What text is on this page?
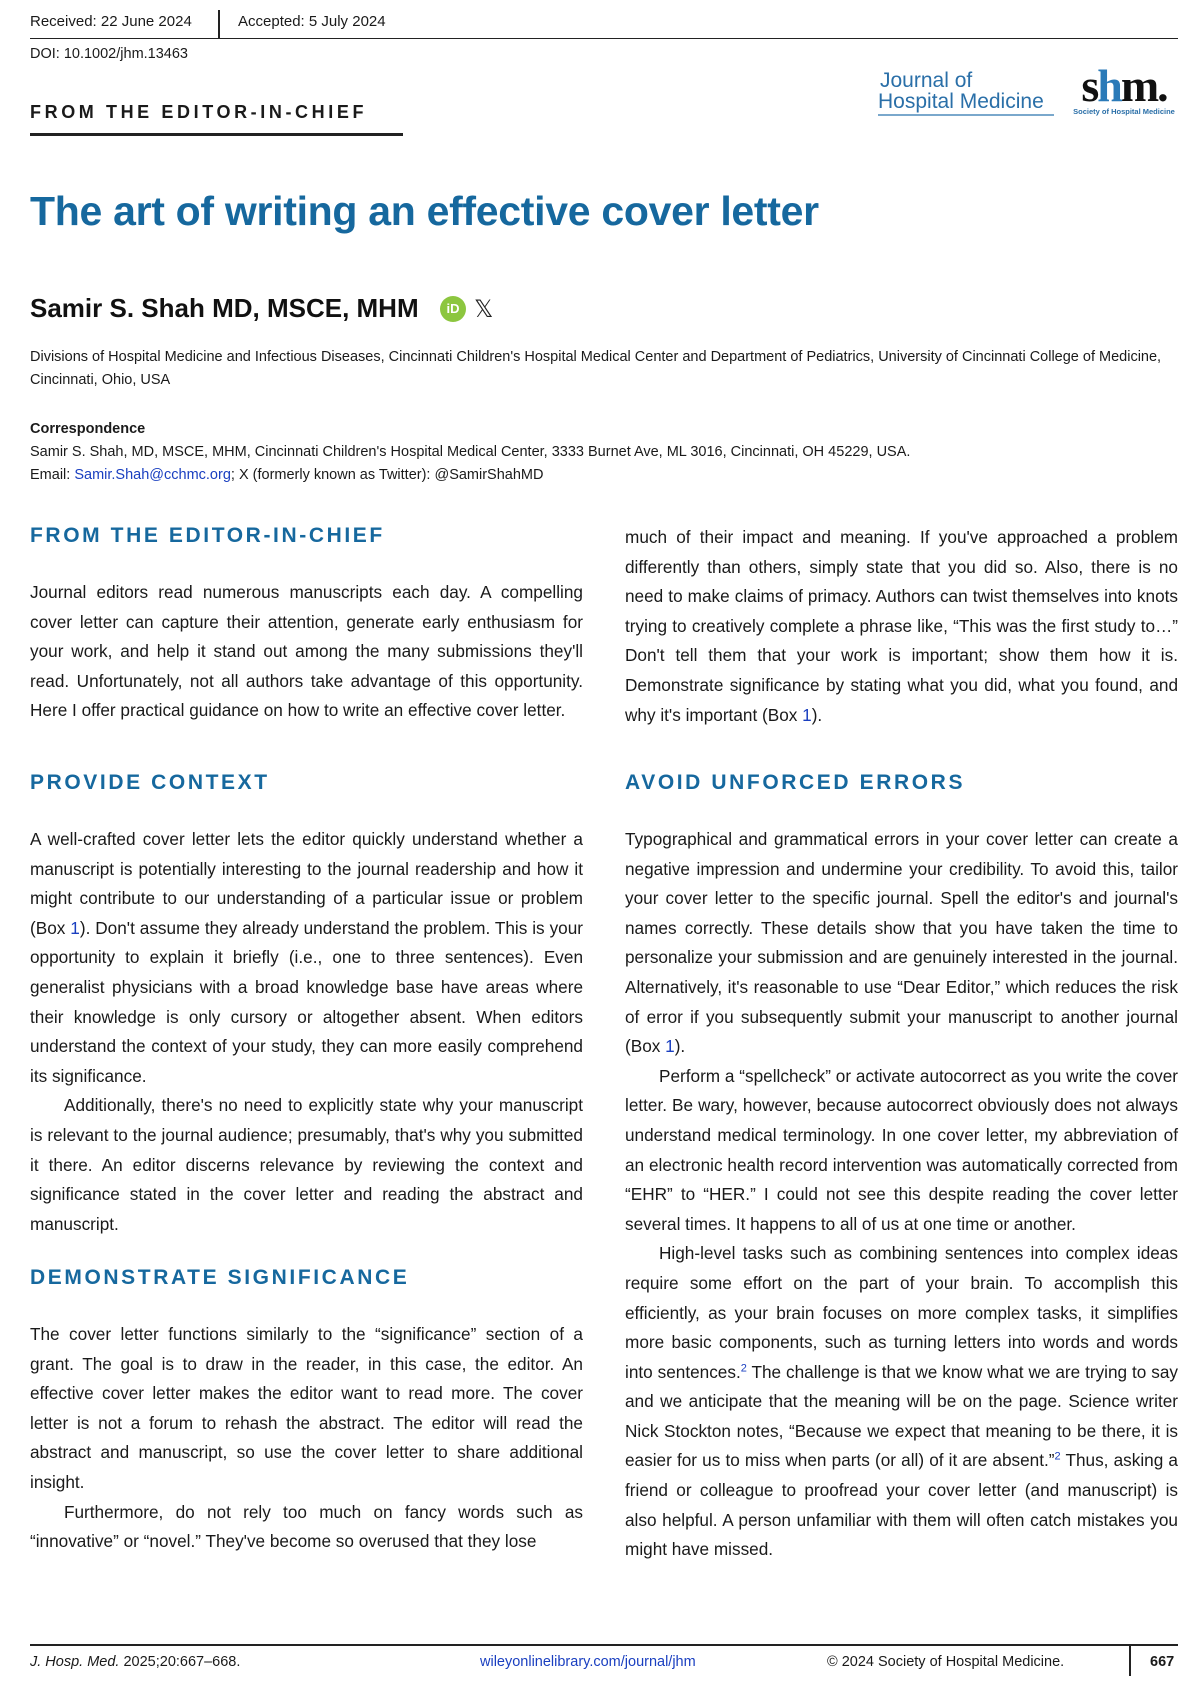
Received: 22 June 2024	Accepted: 5 July 2024
DOI: 10.1002/jhm.13463
FROM THE EDITOR-IN-CHIEF
Journal of
Hospital Medicine shm.
Society of Hospital Medicine
The art of writing an effective cover letter
Samir S. Shah MD, MSCE, MHM	iD 𝕏
Divisions of Hospital Medicine and Infectious Diseases, Cincinnati Children's Hospital Medical Center and Department of Pediatrics, University of Cincinnati College of Medicine, Cincinnati, Ohio, USA
Correspondence
Samir S. Shah, MD, MSCE, MHM, Cincinnati Children's Hospital Medical Center, 3333 Burnet Ave, ML 3016, Cincinnati, OH 45229, USA.
Email: Samir.Shah@cchmc.org; X (formerly known as Twitter): @SamirShahMD
FROM THE EDITOR-IN-CHIEF

Journal editors read numerous manuscripts each day. A compelling cover letter can capture their attention, generate early enthusiasm for your work, and help it stand out among the many submissions they'll read. Unfortunately, not all authors take advantage of this opportunity. Here I offer practical guidance on how to write an effective cover letter.

PROVIDE CONTEXT

A well-crafted cover letter lets the editor quickly understand whether a manuscript is potentially interesting to the journal readership and how it might contribute to our understanding of a particular issue or problem (Box 1). Don't assume they already understand the problem. This is your opportunity to explain it briefly (i.e., one to three sentences). Even generalist physicians with a broad knowledge base have areas where their knowledge is only cursory or altogether absent. When editors understand the context of your study, they can more easily comprehend its significance.

Additionally, there's no need to explicitly state why your manuscript is relevant to the journal audience; presumably, that's why you submitted it there. An editor discerns relevance by reviewing the context and significance stated in the cover letter and reading the abstract and manuscript.

DEMONSTRATE SIGNIFICANCE

The cover letter functions similarly to the “significance” section of a grant. The goal is to draw in the reader, in this case, the editor. An effective cover letter makes the editor want to read more. The cover letter is not a forum to rehash the abstract. The editor will read the abstract and manuscript, so use the cover letter to share additional insight.

Furthermore, do not rely too much on fancy words such as “innovative” or “novel.” They've become so overused that they lose

much of their impact and meaning. If you've approached a problem differently than others, simply state that you did so. Also, there is no need to make claims of primacy. Authors can twist themselves into knots trying to creatively complete a phrase like, “This was the first study to…” Don't tell them that your work is important; show them how it is. Demonstrate significance by stating what you did, what you found, and why it's important (Box 1).

AVOID UNFORCED ERRORS

Typographical and grammatical errors in your cover letter can create a negative impression and undermine your credibility. To avoid this, tailor your cover letter to the specific journal. Spell the editor's and journal's names correctly. These details show that you have taken the time to personalize your submission and are genuinely interested in the journal. Alternatively, it's reasonable to use “Dear Editor,” which reduces the risk of error if you subsequently submit your manuscript to another journal (Box 1).

Perform a “spellcheck” or activate autocorrect as you write the cover letter. Be wary, however, because autocorrect obviously does not always understand medical terminology. In one cover letter, my abbreviation of an electronic health record intervention was automatically corrected from “EHR” to “HER.” I could not see this despite reading the cover letter several times. It happens to all of us at one time or another.

High-level tasks such as combining sentences into complex ideas require some effort on the part of your brain. To accomplish this efficiently, as your brain focuses on more complex tasks, it simplifies more basic components, such as turning letters into words and words into sentences.$^2$ The challenge is that we know what we are trying to say and we anticipate that the meaning will be on the page. Science writer Nick Stockton notes, “Because we expect that meaning to be there, it is easier for us to miss when parts (or all) of it are absent.”$^2$ Thus, asking a friend or colleague to proofread your cover letter (and manuscript) is also helpful. A person unfamiliar with them will often catch mistakes you might have missed.

J. Hosp. Med. 2025;20:667–668.	wileyonlinelibrary.com/journal/jhm	© 2024 Society of Hospital Medicine.	667
